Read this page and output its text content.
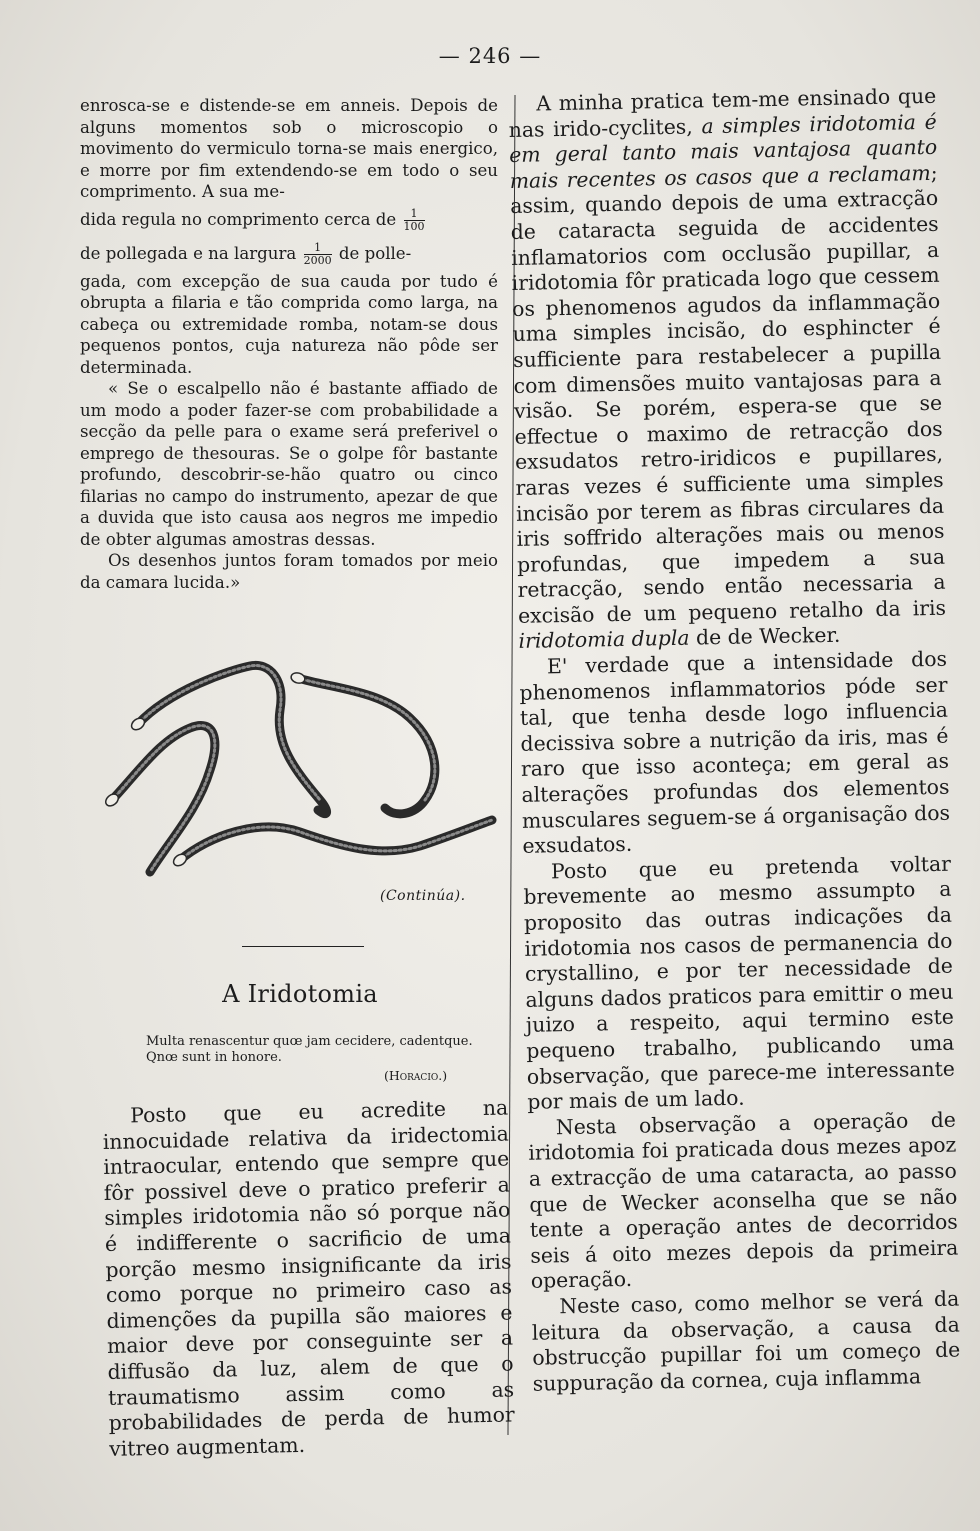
— 246 —

enrosca-se e distende-se em anneis. Depois de alguns momentos sob o microscopio o movimento do vermiculo torna-se mais energico, e morre por fim extendendo-se em todo o seu comprimento. A sua me-

dida regula no comprimento cerca de $\frac{1}{100}$

de pollegada e na largura $\frac{1}{2000}$ de polle-

gada, com excepção de sua cauda por tudo é obrupta a filaria e tão comprida como larga, na cabeça ou extremidade romba, notam-se dous pequenos pontos, cuja natureza não pôde ser determinada.

« Se o escalpello não é bastante affiado de um modo a poder fazer-se com probabilidade a secção da pelle para o exame será preferivel o emprego de thesouras. Se o golpe fôr bastante profundo, descobrir-se-hão quatro ou cinco filarias no campo do instrumento, apezar de que a duvida que isto causa aos negros me impedio de obter algumas amostras dessas.

Os desenhos juntos foram tomados por meio da camara lucida.»

(Continúa).
A Iridotomia
Multa renascentur quœ jam cecidere, cadentque. Qnœ sunt in honore.
(Horacio.)

Posto que eu acredite na innocuidade relativa da iridectomia intraocular, entendo que sempre que fôr possivel deve o pratico preferir a simples iridotomia não só porque não é indifferente o sacrificio de uma porção mesmo insignificante da iris como porque no primeiro caso as dimenções da pupilla são maiores e maior deve por conseguinte ser a diffusão da luz, alem de que o traumatismo assim como as probabilidades de perda de humor vitreo augmentam.

A minha pratica tem-me ensinado que nas irido-cyclites, a simples iridotomia é em geral tanto mais vantajosa quanto mais recentes os casos que a reclamam; assim, quando depois de uma extracção de cataracta seguida de accidentes inflamatorios com occlusão pupillar, a iridotomia fôr praticada logo que cessem os phenomenos agudos da inflammação uma simples incisão, do esphincter é sufficiente para restabelecer a pupilla com dimensões muito vantajosas para a visão. Se porém, espera-se que se effectue o maximo de retracção dos exsudatos retro-iridicos e pupillares, raras vezes é sufficiente uma simples incisão por terem as fibras circulares da iris soffrido alterações mais ou menos profundas, que impedem a sua retracção, sendo então necessaria a excisão de um pequeno retalho da iris iridotomia dupla de de Wecker.

E' verdade que a intensidade dos phenomenos inflammatorios póde ser tal, que tenha desde logo influencia decissiva sobre a nutrição da iris, mas é raro que isso aconteça; em geral as alterações profundas dos elementos musculares seguem-se á organisação dos exsudatos.

Posto que eu pretenda voltar brevemente ao mesmo assumpto a proposito das outras indicações da iridotomia nos casos de permanencia do crystallino, e por ter necessidade de alguns dados praticos para emittir o meu juizo a respeito, aqui termino este pequeno trabalho, publicando uma observação, que parece-me interessante por mais de um lado.

Nesta observação a operação de iridotomia foi praticada dous mezes apoz a extracção de uma cataracta, ao passo que de Wecker aconselha que se não tente a operação antes de decorridos seis á oito mezes depois da primeira operação.

Neste caso, como melhor se verá da leitura da observação, a causa da obstrucção pupillar foi um começo de suppuração da cornea, cuja inflamma
